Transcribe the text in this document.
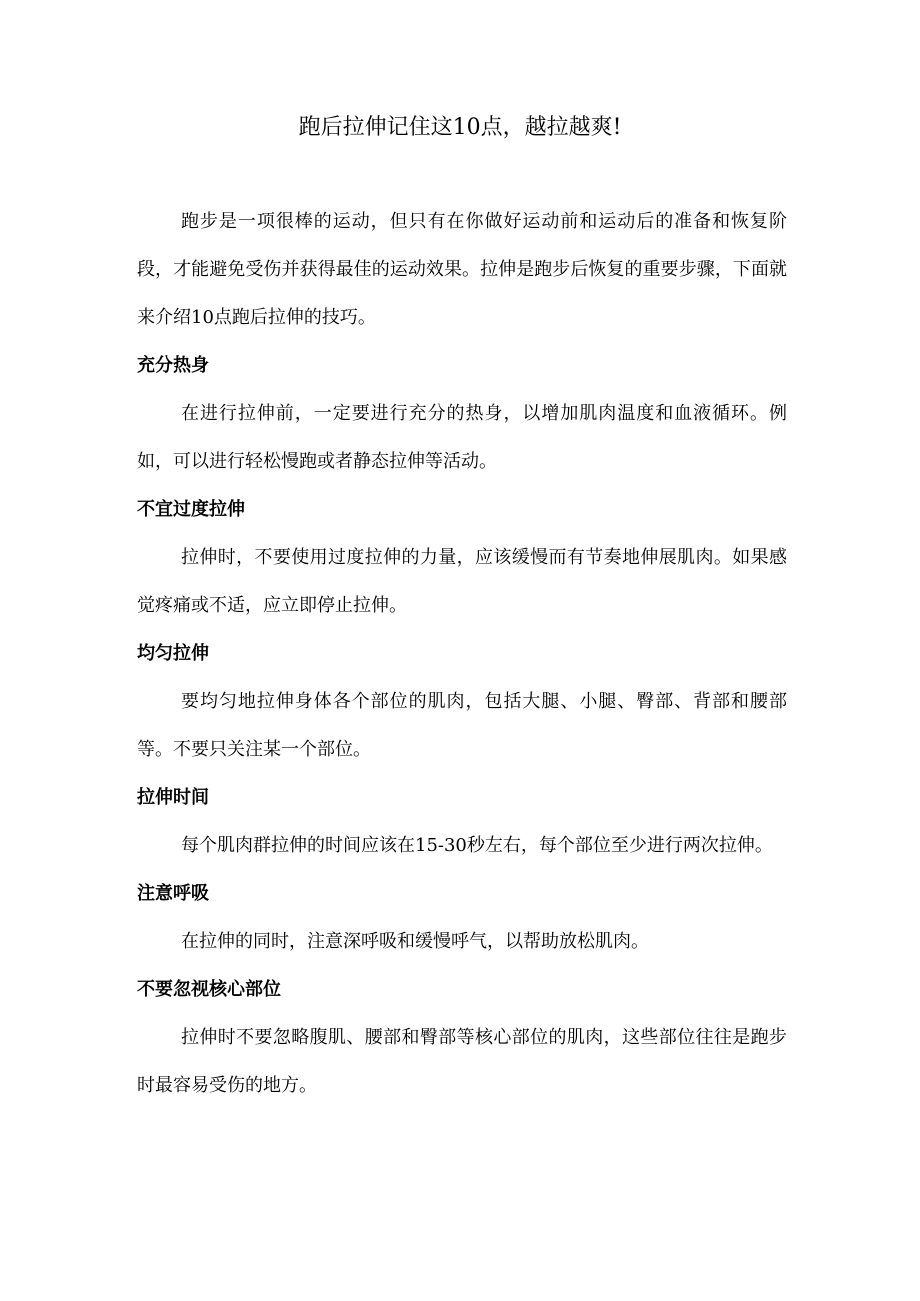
跑后拉伸记住这10点，越拉越爽!

跑步是一项很棒的运动，但只有在你做好运动前和运动后的准备和恢复阶段，才能避免受伤并获得最佳的运动效果。拉伸是跑步后恢复的重要步骤，下面就来介绍10点跑后拉伸的技巧。

充分热身

在进行拉伸前，一定要进行充分的热身，以增加肌肉温度和血液循环。例如，可以进行轻松慢跑或者静态拉伸等活动。

不宜过度拉伸

拉伸时，不要使用过度拉伸的力量，应该缓慢而有节奏地伸展肌肉。如果感觉疼痛或不适，应立即停止拉伸。

均匀拉伸

要均匀地拉伸身体各个部位的肌肉，包括大腿、小腿、臀部、背部和腰部等。不要只关注某一个部位。

拉伸时间

每个肌肉群拉伸的时间应该在15-30秒左右，每个部位至少进行两次拉伸。

注意呼吸

在拉伸的同时，注意深呼吸和缓慢呼气，以帮助放松肌肉。

不要忽视核心部位

拉伸时不要忽略腹肌、腰部和臀部等核心部位的肌肉，这些部位往往是跑步时最容易受伤的地方。
